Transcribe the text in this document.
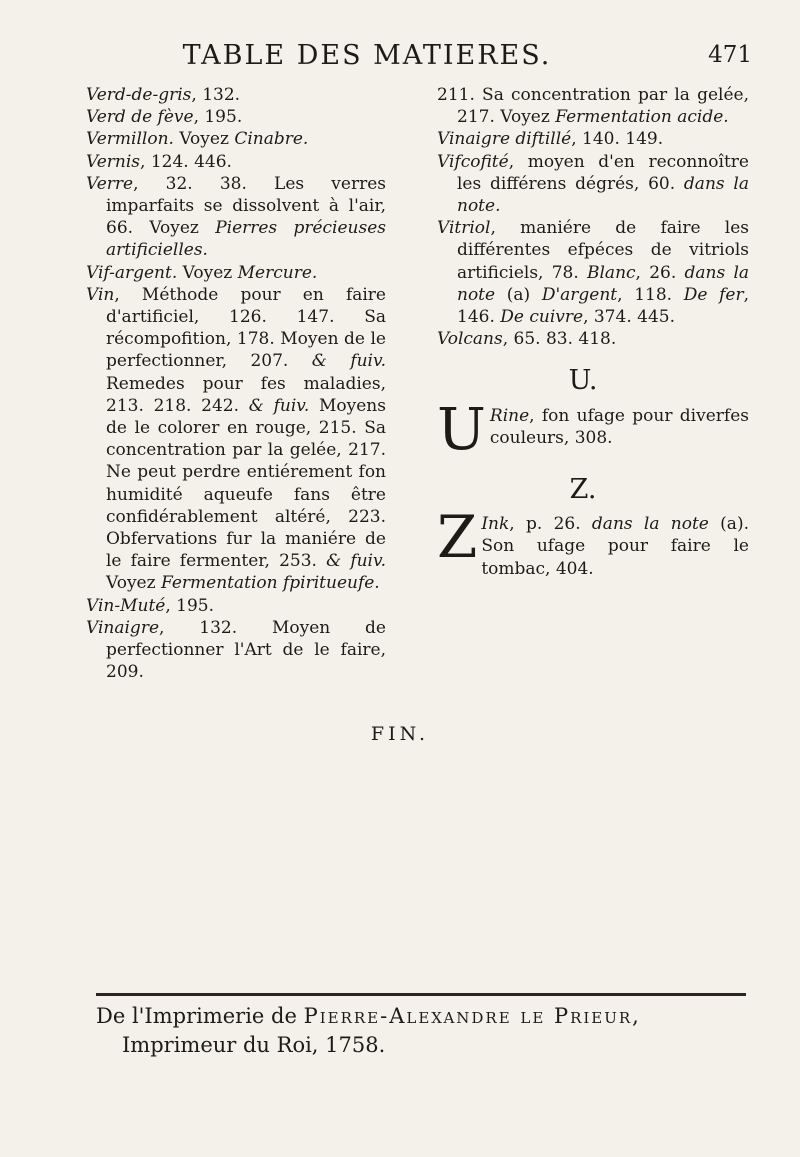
TABLE DES MATIERES.	471

Verd-de-gris, 132.

Verd de fève, 195.

Vermillon. Voyez Cinabre.

Vernis, 124. 446.

Verre, 32. 38. Les verres imparfaits se dissolvent à l'air, 66. Voyez Pierres précieuses artificielles.

Vif-argent. Voyez Mercure.

Vin, Méthode pour en faire d'artificiel, 126. 147. Sa récompofition, 178. Moyen de le perfectionner, 207. & fuiv. Remedes pour fes maladies, 213. 218. 242. & fuiv. Moyens de le colorer en rouge, 215. Sa concentration par la gelée, 217. Ne peut perdre entiérement fon humidité aqueufe fans être confidérablement altéré, 223. Obfervations fur la maniére de le faire fermenter, 253. & fuiv. Voyez Fermentation fpiritueufe.

Vin-Muté, 195.

Vinaigre, 132. Moyen de perfectionner l'Art de le faire, 209.

211. Sa concentration par la gelée, 217. Voyez Fermentation acide.

Vinaigre diftillé, 140. 149.

Vifcofité, moyen d'en reconnoître les différens dégrés, 60. dans la note.

Vitriol, maniére de faire les différentes efpéces de vitriols artificiels, 78. Blanc, 26. dans la note (a) D'argent, 118. De fer, 146. De cuivre, 374. 445.

Volcans, 65. 83. 418.

U.

U Rine, fon ufage pour diverfes couleurs, 308.

Z.

Z Ink, p. 26. dans la note (a). Son ufage pour faire le tombac, 404.

FIN.
De l'Imprimerie de Pierre-Alexandre le Prieur,
Imprimeur du Roi, 1758.
